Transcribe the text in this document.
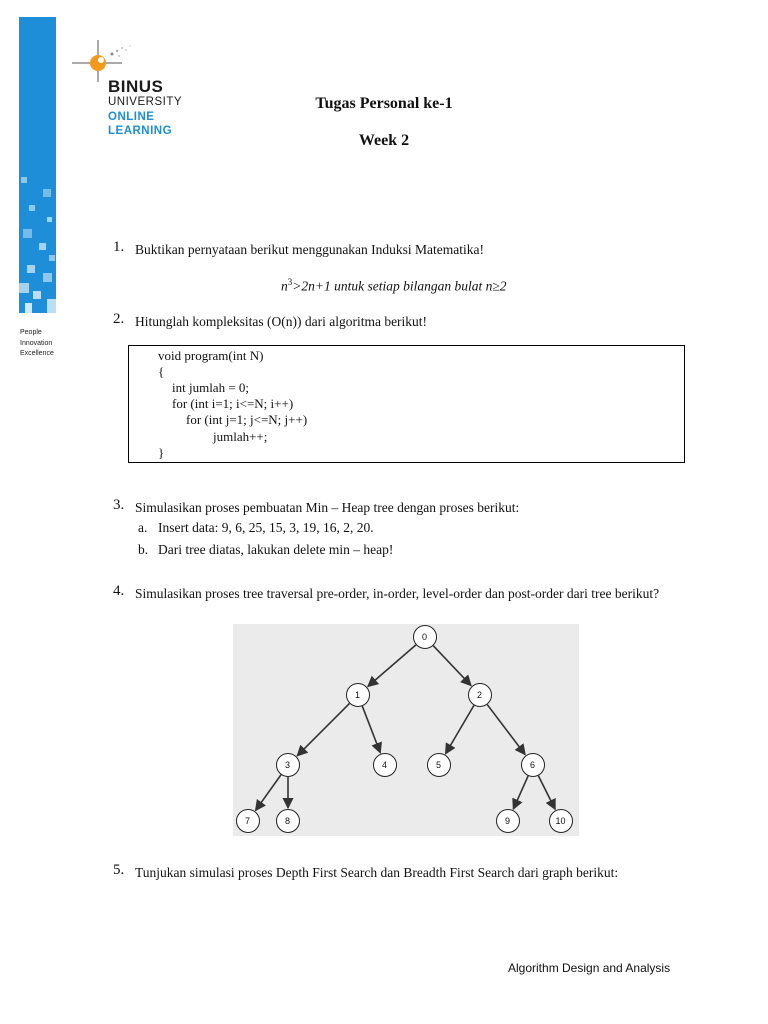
BINUS
UNIVERSITY
ONLINE
LEARNING
People
Innovation
Excellence
Tugas Personal ke-1
Week 2
1. Buktikan pernyataan berikut menggunakan Induksi Matematika!
$n^3>2n+1$ untuk setiap bilangan bulat n≥2
2. Hitunglah kompleksitas (O(n)) dari algoritma berikut!
void program(int N)
{
int jumlah = 0;
for (int i=1; i<=N; i++)
for (int j=1; j<=N; j++)
jumlah++;
}
3. Simulasikan proses pembuatan Min – Heap tree dengan proses berikut:
a. Insert data: 9, 6, 25, 15, 3, 19, 16, 2, 20.
b. Dari tree diatas, lakukan delete min – heap!
4. Simulasikan proses tree traversal pre-order, in-order, level-order dan post-order dari tree berikut?
0
1	2
3	4	5	6
7	8	9	10
5. Tunjukan simulasi proses Depth First Search dan Breadth First Search dari graph berikut:
Algorithm Design and Analysis
